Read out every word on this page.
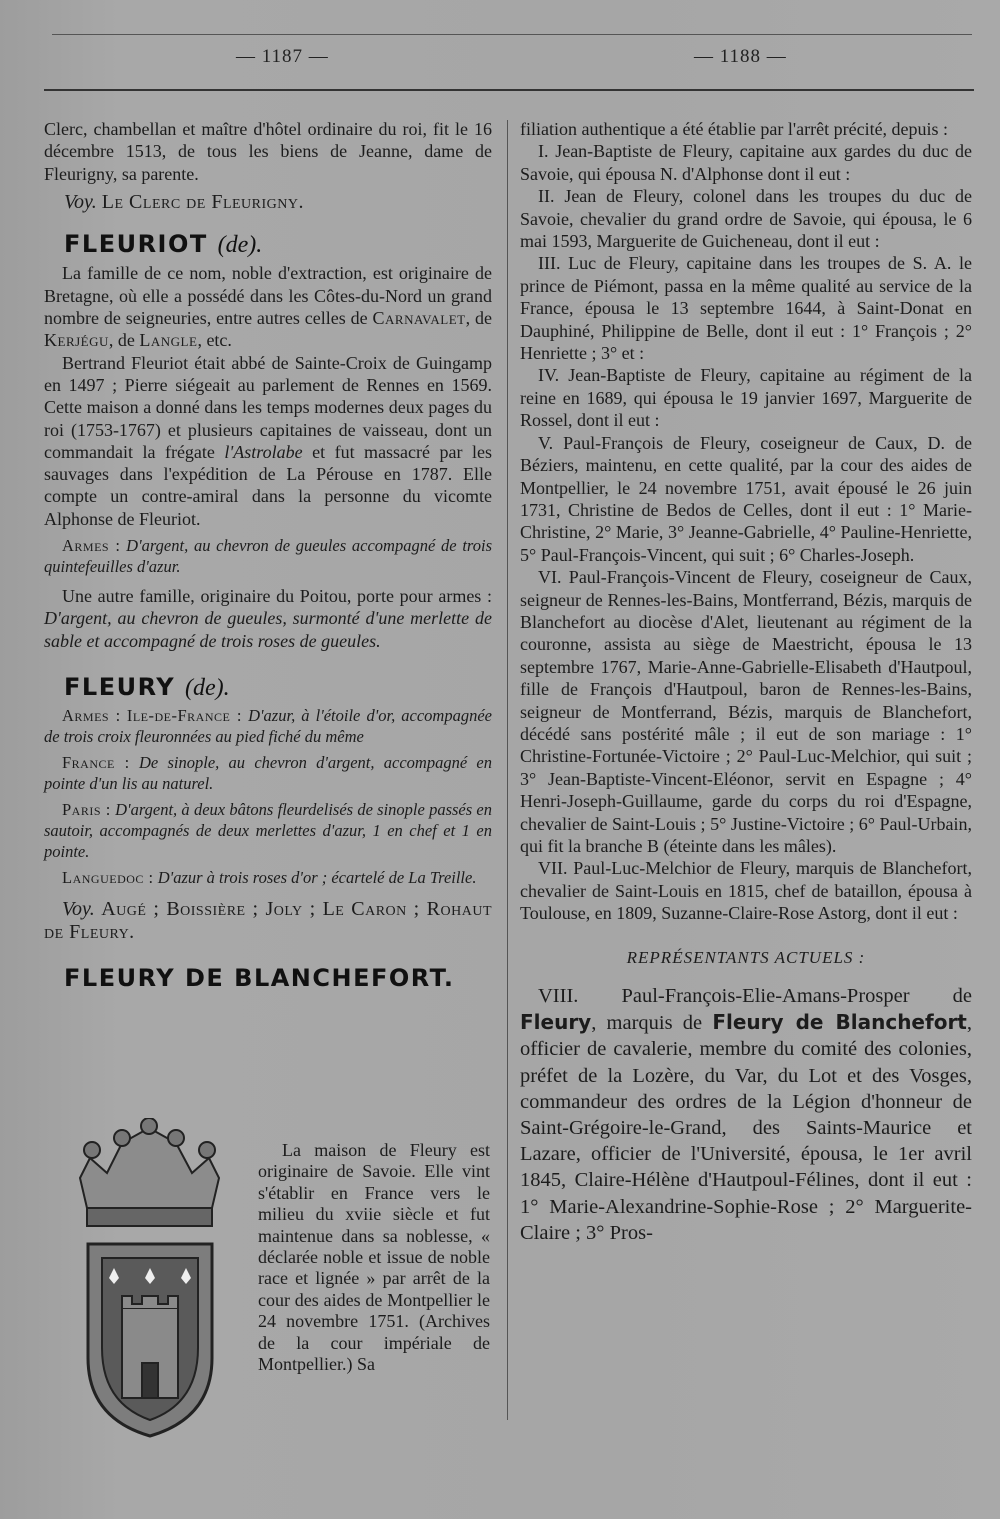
— 1187 —	— 1188 —

Clerc, chambellan et maître d'hôtel ordinaire du roi, fit le 16 décembre 1513, de tous les biens de Jeanne, dame de Fleurigny, sa parente.

Voy. Le Clerc de Fleurigny.

FLEURIOT (de).

La famille de ce nom, noble d'extraction, est originaire de Bretagne, où elle a possédé dans les Côtes-du-Nord un grand nombre de seigneuries, entre autres celles de Carnavalet, de Kerjégu, de Langle, etc.

Bertrand Fleuriot était abbé de Sainte-Croix de Guingamp en 1497 ; Pierre siégeait au parlement de Rennes en 1569. Cette maison a donné dans les temps modernes deux pages du roi (1753-1767) et plusieurs capitaines de vaisseau, dont un commandait la frégate l'Astrolabe et fut massacré par les sauvages dans l'expédition de La Pérouse en 1787. Elle compte un contre-amiral dans la personne du vicomte Alphonse de Fleuriot.

Armes : D'argent, au chevron de gueules accompagné de trois quintefeuilles d'azur.

Une autre famille, originaire du Poitou, porte pour armes : D'argent, au chevron de gueules, surmonté d'une merlette de sable et accompagné de trois roses de gueules.

FLEURY (de).

Armes : Ile-de-France : D'azur, à l'étoile d'or, accompagnée de trois croix fleuronnées au pied fiché du même

France : De sinople, au chevron d'argent, accompagné en pointe d'un lis au naturel.

Paris : D'argent, à deux bâtons fleurdelisés de sinople passés en sautoir, accompagnés de deux merlettes d'azur, 1 en chef et 1 en pointe.

Languedoc : D'azur à trois roses d'or ; écartelé de La Treille.

Voy. Augé ; Boissière ; Joly ; Le Caron ; Rohaut de Fleury.

FLEURY DE BLANCHEFORT.

La maison de Fleury est originaire de Savoie. Elle vint s'établir en France vers le milieu du xviie siècle et fut maintenue dans sa noblesse, « déclarée noble et issue de noble race et lignée » par arrêt de la cour des aides de Montpellier le 24 novembre 1751. (Archives de la cour impériale de Montpellier.) Sa

filiation authentique a été établie par l'arrêt précité, depuis :

I. Jean-Baptiste de Fleury, capitaine aux gardes du duc de Savoie, qui épousa N. d'Alphonse dont il eut :

II. Jean de Fleury, colonel dans les troupes du duc de Savoie, chevalier du grand ordre de Savoie, qui épousa, le 6 mai 1593, Marguerite de Guicheneau, dont il eut :

III. Luc de Fleury, capitaine dans les troupes de S. A. le prince de Piémont, passa en la même qualité au service de la France, épousa le 13 septembre 1644, à Saint-Donat en Dauphiné, Philippine de Belle, dont il eut : 1° François ; 2° Henriette ; 3° et :

IV. Jean-Baptiste de Fleury, capitaine au régiment de la reine en 1689, qui épousa le 19 janvier 1697, Marguerite de Rossel, dont il eut :

V. Paul-François de Fleury, coseigneur de Caux, D. de Béziers, maintenu, en cette qualité, par la cour des aides de Montpellier, le 24 novembre 1751, avait épousé le 26 juin 1731, Christine de Bedos de Celles, dont il eut : 1° Marie-Christine, 2° Marie, 3° Jeanne-Gabrielle, 4° Pauline-Henriette, 5° Paul-François-Vincent, qui suit ; 6° Charles-Joseph.

VI. Paul-François-Vincent de Fleury, coseigneur de Caux, seigneur de Rennes-les-Bains, Montferrand, Bézis, marquis de Blanchefort au diocèse d'Alet, lieutenant au régiment de la couronne, assista au siège de Maestricht, épousa le 13 septembre 1767, Marie-Anne-Gabrielle-Elisabeth d'Hautpoul, fille de François d'Hautpoul, baron de Rennes-les-Bains, seigneur de Montferrand, Bézis, marquis de Blanchefort, décédé sans postérité mâle ; il eut de son mariage : 1° Christine-Fortunée-Victoire ; 2° Paul-Luc-Melchior, qui suit ; 3° Jean-Baptiste-Vincent-Eléonor, servit en Espagne ; 4° Henri-Joseph-Guillaume, garde du corps du roi d'Espagne, chevalier de Saint-Louis ; 5° Justine-Victoire ; 6° Paul-Urbain, qui fit la branche B (éteinte dans les mâles).

VII. Paul-Luc-Melchior de Fleury, marquis de Blanchefort, chevalier de Saint-Louis en 1815, chef de bataillon, épousa à Toulouse, en 1809, Suzanne-Claire-Rose Astorg, dont il eut :

REPRÉSENTANTS ACTUELS :

VIII. Paul-François-Elie-Amans-Prosper de Fleury, marquis de Fleury de Blanchefort, officier de cavalerie, membre du comité des colonies, préfet de la Lozère, du Var, du Lot et des Vosges, commandeur des ordres de la Légion d'honneur de Saint-Grégoire-le-Grand, des Saints-Maurice et Lazare, officier de l'Université, épousa, le 1er avril 1845, Claire-Hélène d'Hautpoul-Félines, dont il eut : 1° Marie-Alexandrine-Sophie-Rose ; 2° Marguerite-Claire ; 3° Pros-
